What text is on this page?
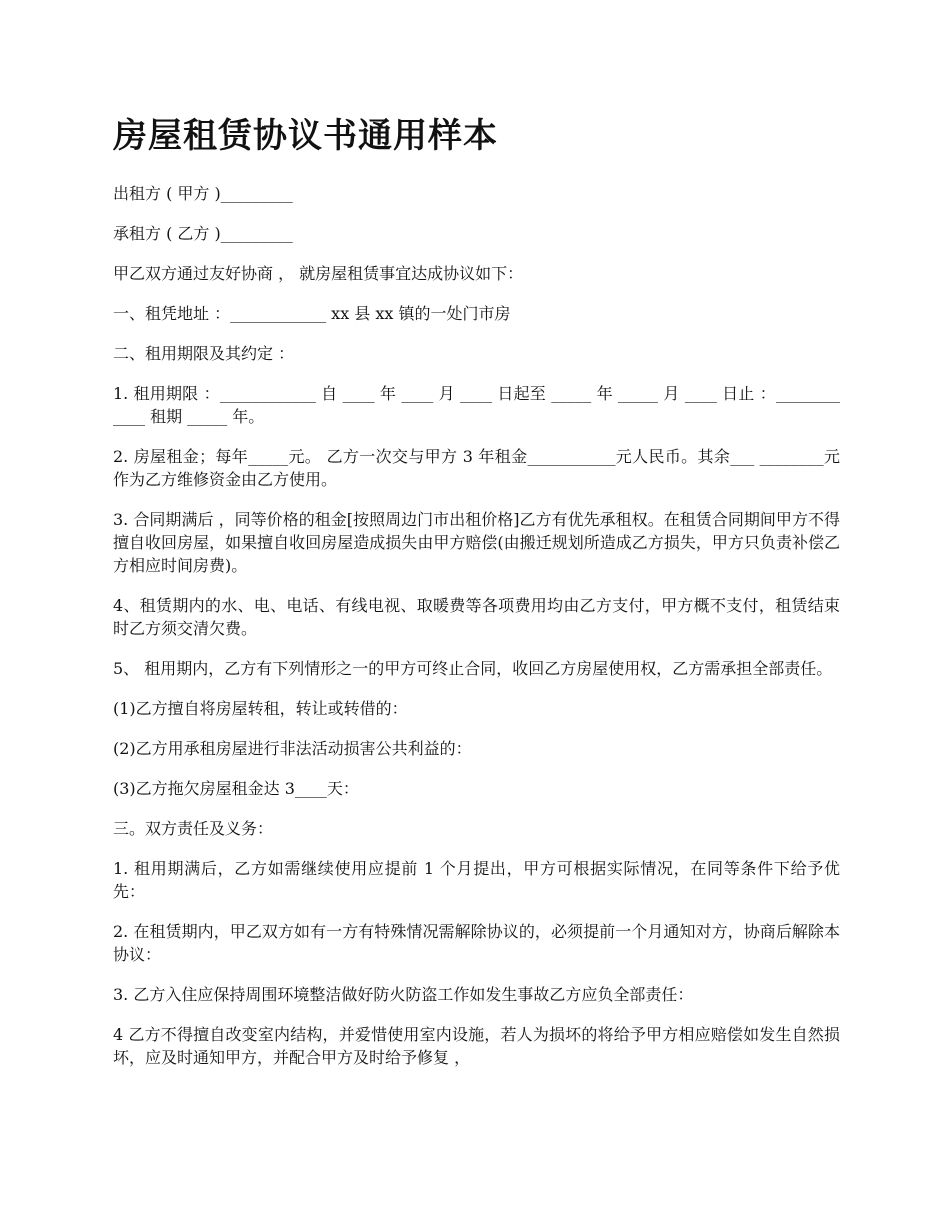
房屋租赁协议书通用样本

出租方 ( 甲方 )_________

承租方 ( 乙方 )_________

甲乙双方通过友好协商 ， 就房屋租赁事宜达成协议如下：

一、租凭地址 ：____________ xx 县 xx 镇的一处门市房

二、租用期限及其约定 ：

1. 租用期限 ：____________ 自 ____ 年 ____ 月 ____ 日起至 _____ 年 _____ 月 ____ 日止 ：____________ 租期 _____ 年。

2. 房屋租金；每年_____元。 乙方一次交与甲方 3 年租金___________元人民币。其余___ ________元作为乙方维修资金由乙方使用。

3. 合同期满后 ，同等价格的租金[按照周边门市出租价格]乙方有优先承租权。在租赁合同期间甲方不得擅自收回房屋，如果擅自收回房屋造成损失由甲方赔偿(由搬迁规划所造成乙方损失，甲方只负责补偿乙方相应时间房费)。

4、租赁期内的水、电、电话、有线电视、取暖费等各项费用均由乙方支付，甲方概不支付，租赁结束时乙方须交清欠费。

5、 租用期内，乙方有下列情形之一的甲方可终止合同，收回乙方房屋使用权，乙方需承担全部责任。

(1)乙方擅自将房屋转租，转让或转借的：

(2)乙方用承租房屋进行非法活动损害公共利益的：

(3)乙方拖欠房屋租金达 3____天：

三。双方责任及义务：

1. 租用期满后，乙方如需继续使用应提前 1 个月提出，甲方可根据实际情况，在同等条件下给予优先：

2. 在租赁期内，甲乙双方如有一方有特殊情况需解除协议的，必须提前一个月通知对方，协商后解除本协议：

3. 乙方入住应保持周围环境整洁做好防火防盗工作如发生事故乙方应负全部责任：

4 乙方不得擅自改变室内结构，并爱惜使用室内设施，若人为损坏的将给予甲方相应赔偿如发生自然损坏，应及时通知甲方，并配合甲方及时给予修复 ，
